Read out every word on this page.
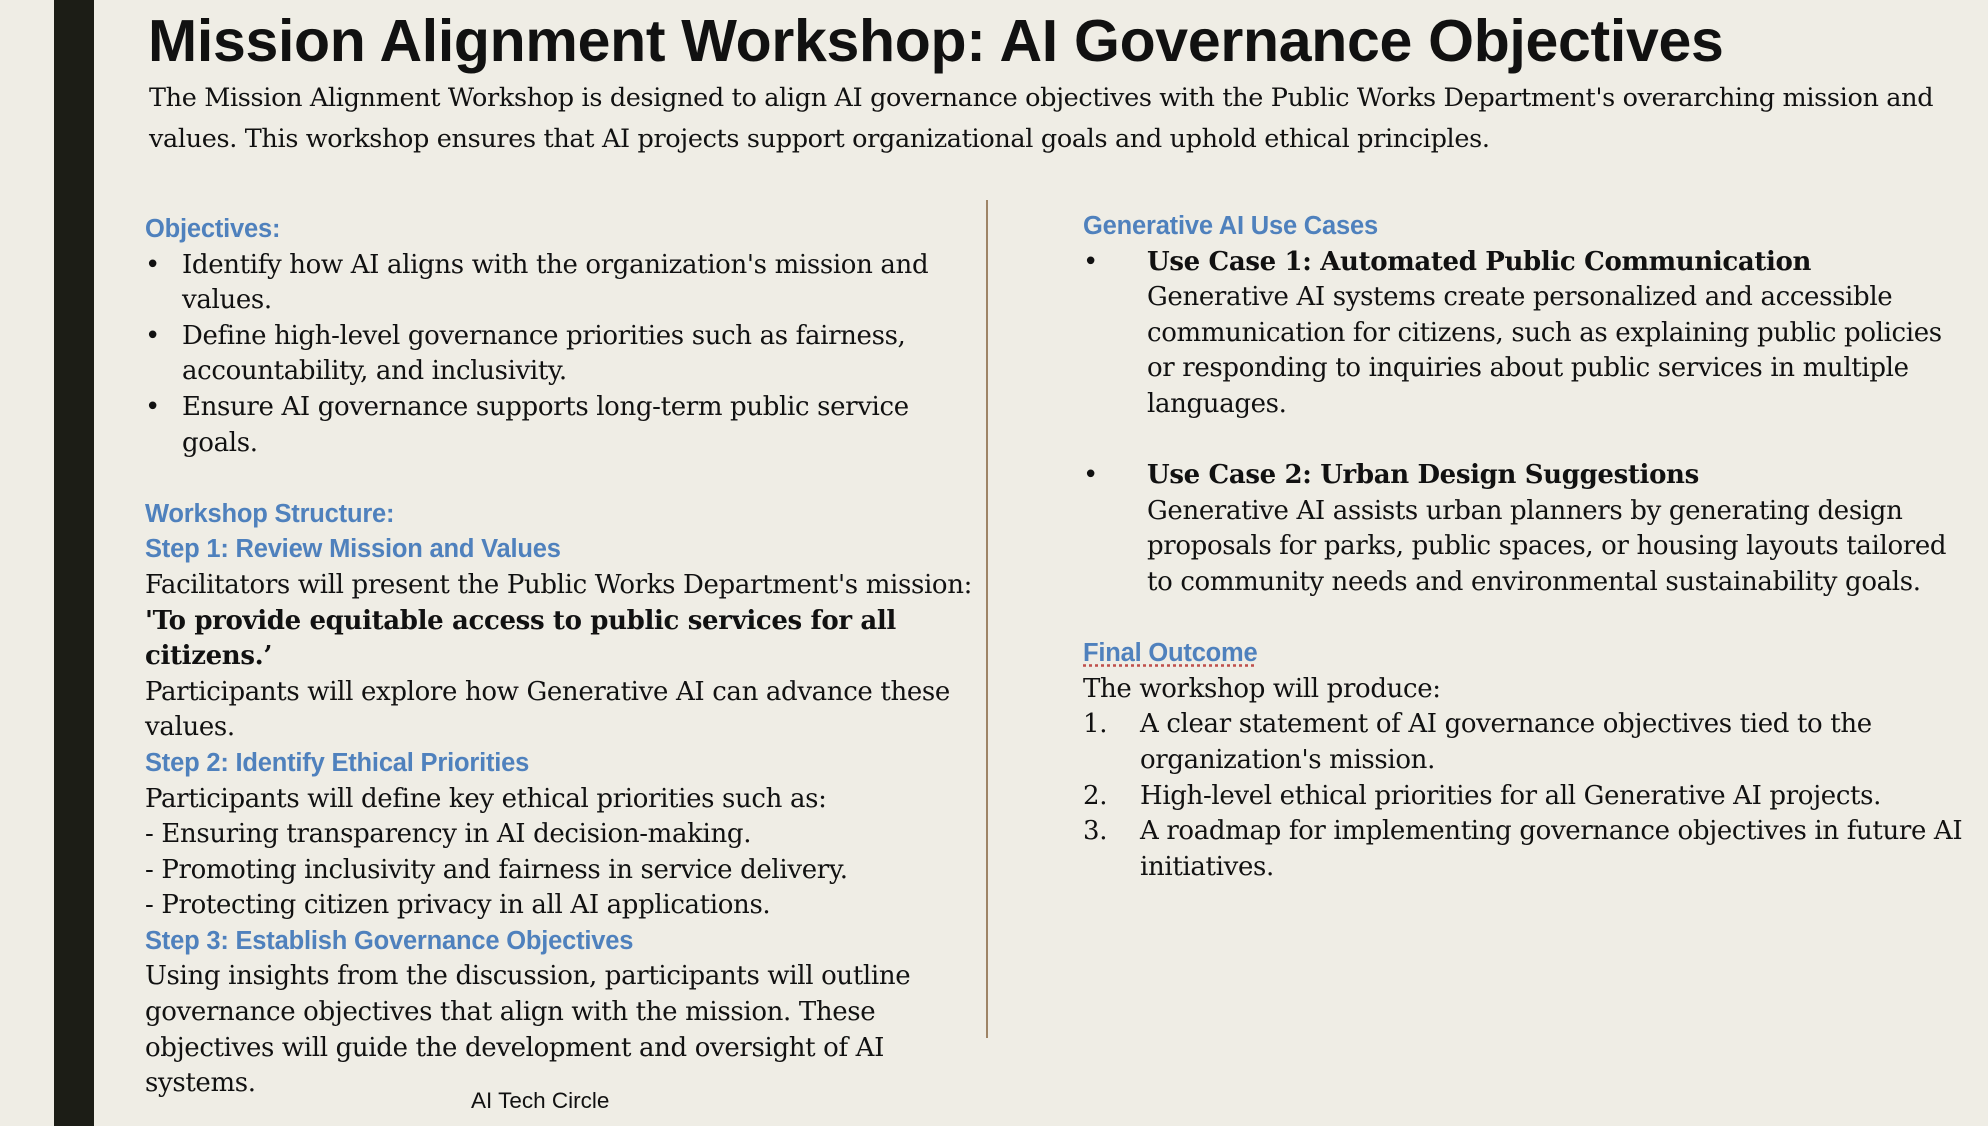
Mission Alignment Workshop: AI Governance Objectives

The Mission Alignment Workshop is designed to align AI governance objectives with the Public Works Department's overarching mission and values. This workshop ensures that AI projects support organizational goals and uphold ethical principles.

Objectives:
• Identify how AI aligns with the organization's mission and values.
• Define high-level governance priorities such as fairness, accountability, and inclusivity.
• Ensure AI governance supports long-term public service goals.
Workshop Structure:
Step 1: Review Mission and Values
Facilitators will present the Public Works Department's mission:
'To provide equitable access to public services for all citizens.’
Participants will explore how Generative AI can advance these values.
Step 2: Identify Ethical Priorities
Participants will define key ethical priorities such as:
- Ensuring transparency in AI decision-making.
- Promoting inclusivity and fairness in service delivery.
- Protecting citizen privacy in all AI applications.
Step 3: Establish Governance Objectives
Using insights from the discussion, participants will outline governance objectives that align with the mission. These objectives will guide the development and oversight of AI systems.
Generative AI Use Cases
• Use Case 1: Automated Public Communication
Generative AI systems create personalized and accessible communication for citizens, such as explaining public policies or responding to inquiries about public services in multiple languages.
• Use Case 2: Urban Design Suggestions
Generative AI assists urban planners by generating design proposals for parks, public spaces, or housing layouts tailored to community needs and environmental sustainability goals.
Final Outcome
The workshop will produce:
1. A clear statement of AI governance objectives tied to the organization's mission.
2. High-level ethical priorities for all Generative AI projects.
3. A roadmap for implementing governance objectives in future AI initiatives.
AI Tech Circle
